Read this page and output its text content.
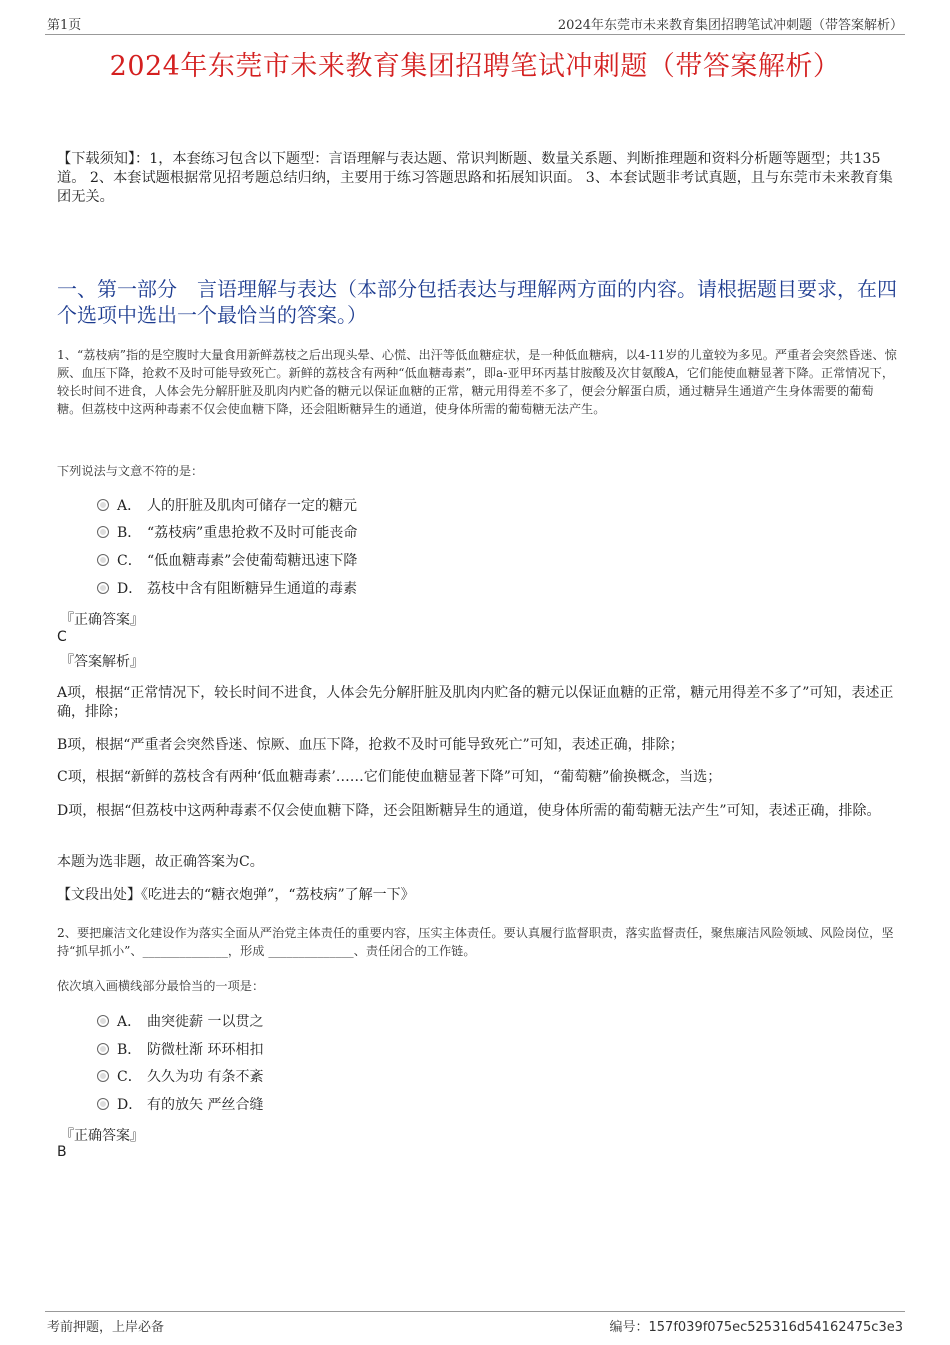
第1页	2024年东莞市未来教育集团招聘笔试冲刺题（带答案解析）
2024年东莞市未来教育集团招聘笔试冲刺题（带答案解析）
【下载须知】：1，本套练习包含以下题型：言语理解与表达题、常识判断题、数量关系题、判断推理题和资料分析题等题型；共135道。 2、本套试题根据常见招考题总结归纳，主要用于练习答题思路和拓展知识面。 3、本套试题非考试真题，且与东莞市未来教育集团无关。
一、第一部分　言语理解与表达（本部分包括表达与理解两方面的内容。请根据题目要求，在四个选项中选出一个最恰当的答案。）
1、“荔枝病”指的是空腹时大量食用新鲜荔枝之后出现头晕、心慌、出汗等低血糖症状，是一种低血糖病，以4-11岁的儿童较为多见。严重者会突然昏迷、惊厥、血压下降，抢救不及时可能导致死亡。新鲜的荔枝含有两种“低血糖毒素”，即a-亚甲环丙基甘胺酸及次甘氨酸A，它们能使血糖显著下降。正常情况下，较长时间不进食，人体会先分解肝脏及肌肉内贮备的糖元以保证血糖的正常，糖元用得差不多了，便会分解蛋白质，通过糖异生通道产生身体需要的葡萄糖。但荔枝中这两种毒素不仅会使血糖下降，还会阻断糖异生的通道，使身体所需的葡萄糖无法产生。
下列说法与文意不符的是：
A． 人的肝脏及肌肉可储存一定的糖元
B． “荔枝病”重患抢救不及时可能丧命
C． “低血糖毒素”会使葡萄糖迅速下降
D． 荔枝中含有阻断糖异生通道的毒素
『正确答案』
C
『答案解析』
A项，根据“正常情况下，较长时间不进食，人体会先分解肝脏及肌肉内贮备的糖元以保证血糖的正常，糖元用得差不多了”可知，表述正确，排除；
B项，根据“严重者会突然昏迷、惊厥、血压下降，抢救不及时可能导致死亡”可知，表述正确，排除；
C项，根据“新鲜的荔枝含有两种‘低血糖毒素’……它们能使血糖显著下降”可知，“葡萄糖”偷换概念，当选；
D项，根据“但荔枝中这两种毒素不仅会使血糖下降，还会阻断糖异生的通道，使身体所需的葡萄糖无法产生”可知，表述正确，排除。
本题为选非题，故正确答案为C。
【文段出处】《吃进去的“糖衣炮弹”，“荔枝病”了解一下》
2、要把廉洁文化建设作为落实全面从严治党主体责任的重要内容，压实主体责任。要认真履行监督职责，落实监督责任，聚焦廉洁风险领域、风险岗位，坚持“抓早抓小”、______________，形成 ______________、责任闭合的工作链。
依次填入画横线部分最恰当的一项是：
A． 曲突徙薪 一以贯之
B． 防微杜渐 环环相扣
C． 久久为功 有条不紊
D． 有的放矢 严丝合缝
『正确答案』
B
考前押题，上岸必备	编号：157f039f075ec525316d54162475c3e3
